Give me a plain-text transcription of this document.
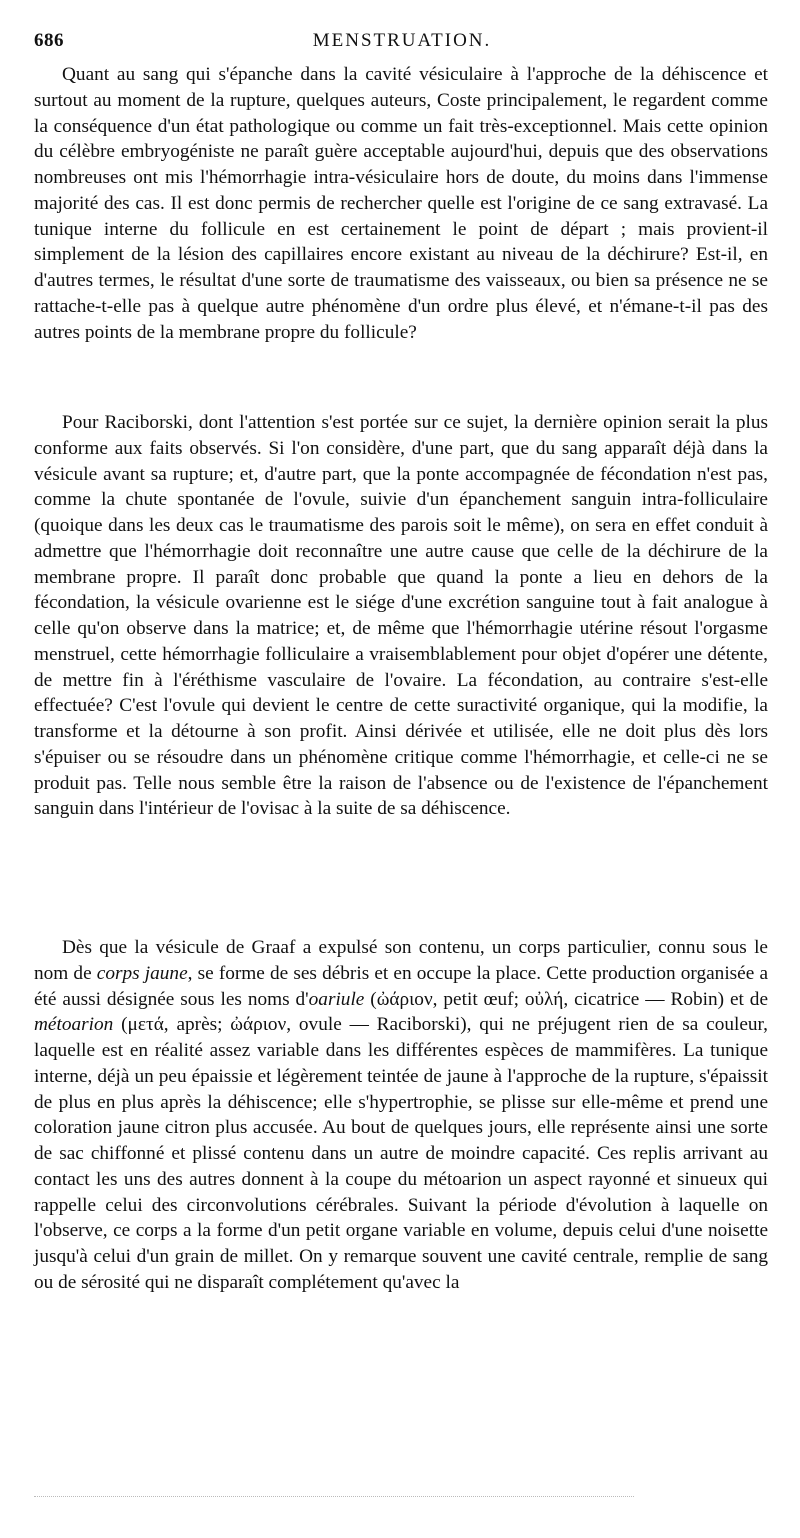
686	MENSTRUATION.

Quant au sang qui s'épanche dans la cavité vésiculaire à l'approche de la déhiscence et surtout au moment de la rupture, quelques auteurs, Coste principalement, le regardent comme la conséquence d'un état pathologique ou comme un fait très-exceptionnel. Mais cette opinion du célèbre embryogéniste ne paraît guère acceptable aujourd'hui, depuis que des observations nombreuses ont mis l'hémorrhagie intra-vésiculaire hors de doute, du moins dans l'immense majorité des cas. Il est donc permis de rechercher quelle est l'origine de ce sang extravasé. La tunique interne du follicule en est certainement le point de départ ; mais provient-il simplement de la lésion des capillaires encore existant au niveau de la déchirure? Est-il, en d'autres termes, le résultat d'une sorte de traumatisme des vaisseaux, ou bien sa présence ne se rattache-t-elle pas à quelque autre phénomène d'un ordre plus élevé, et n'émane-t-il pas des autres points de la membrane propre du follicule?

Pour Raciborski, dont l'attention s'est portée sur ce sujet, la dernière opinion serait la plus conforme aux faits observés. Si l'on considère, d'une part, que du sang apparaît déjà dans la vésicule avant sa rupture; et, d'autre part, que la ponte accompagnée de fécondation n'est pas, comme la chute spontanée de l'ovule, suivie d'un épanchement sanguin intra-folliculaire (quoique dans les deux cas le traumatisme des parois soit le même), on sera en effet conduit à admettre que l'hémorrhagie doit reconnaître une autre cause que celle de la déchirure de la membrane propre. Il paraît donc probable que quand la ponte a lieu en dehors de la fécondation, la vésicule ovarienne est le siége d'une excrétion sanguine tout à fait analogue à celle qu'on observe dans la matrice; et, de même que l'hémorrhagie utérine résout l'orgasme menstruel, cette hémorrhagie folliculaire a vraisemblablement pour objet d'opérer une détente, de mettre fin à l'éréthisme vasculaire de l'ovaire. La fécondation, au contraire s'est-elle effectuée? C'est l'ovule qui devient le centre de cette suractivité organique, qui la modifie, la transforme et la détourne à son profit. Ainsi dérivée et utilisée, elle ne doit plus dès lors s'épuiser ou se résoudre dans un phénomène critique comme l'hémorrhagie, et celle-ci ne se produit pas. Telle nous semble être la raison de l'absence ou de l'existence de l'épanchement sanguin dans l'intérieur de l'ovisac à la suite de sa déhiscence.

Dès que la vésicule de Graaf a expulsé son contenu, un corps particulier, connu sous le nom de corps jaune, se forme de ses débris et en occupe la place. Cette production organisée a été aussi désignée sous les noms d'oariule (ὠάριον, petit œuf; οὐλή, cicatrice — Robin) et de métoarion (μετά, après; ὠάριον, ovule — Raciborski), qui ne préjugent rien de sa couleur, laquelle est en réalité assez variable dans les différentes espèces de mammifères. La tunique interne, déjà un peu épaissie et légèrement teintée de jaune à l'approche de la rupture, s'épaissit de plus en plus après la déhiscence; elle s'hypertrophie, se plisse sur elle-même et prend une coloration jaune citron plus accusée. Au bout de quelques jours, elle représente ainsi une sorte de sac chiffonné et plissé contenu dans un autre de moindre capacité. Ces replis arrivant au contact les uns des autres donnent à la coupe du métoarion un aspect rayonné et sinueux qui rappelle celui des circonvolutions cérébrales. Suivant la période d'évolution à laquelle on l'observe, ce corps a la forme d'un petit organe variable en volume, depuis celui d'une noisette jusqu'à celui d'un grain de millet. On y remarque souvent une cavité centrale, remplie de sang ou de sérosité qui ne disparaît complétement qu'avec la
